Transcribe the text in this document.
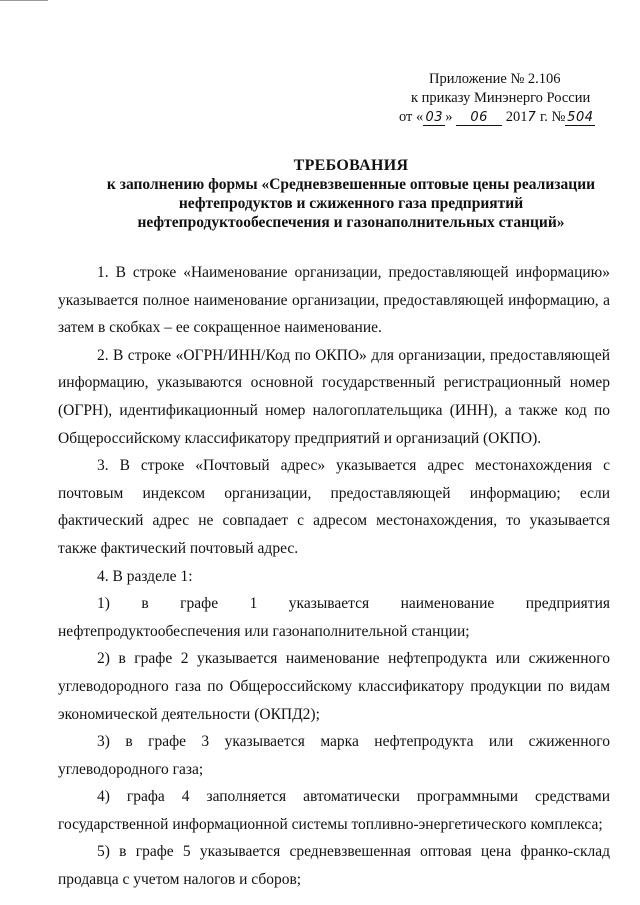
Приложение № 2.106
к приказу Минэнерго России
от « 03 » 06 2017 г. № 504
ТРЕБОВАНИЯ
к заполнению формы «Средневзвешенные оптовые цены реализации
нефтепродуктов и сжиженного газа предприятий
нефтепродуктообеспечения и газонаполнительных станций»

1. В строке «Наименование организации, предоставляющей информацию» указывается полное наименование организации, предоставляющей информацию, а затем в скобках – ее сокращенное наименование.

2. В строке «ОГРН/ИНН/Код по ОКПО» для организации, предоставляющей информацию, указываются основной государственный регистрационный номер (ОГРН), идентификационный номер налогоплательщика (ИНН), а также код по Общероссийскому классификатору предприятий и организаций (ОКПО).

3. В строке «Почтовый адрес» указывается адрес местонахождения с почтовым индексом организации, предоставляющей информацию; если фактический адрес не совпадает с адресом местонахождения, то указывается также фактический почтовый адрес.

4. В разделе 1:

1) в графе 1 указывается наименование предприятия нефтепродуктообеспечения или газонаполнительной станции;

2) в графе 2 указывается наименование нефтепродукта или сжиженного углеводородного газа по Общероссийскому классификатору продукции по видам экономической деятельности (ОКПД2);

3) в графе 3 указывается марка нефтепродукта или сжиженного углеводородного газа;

4) графа 4 заполняется автоматически программными средствами государственной информационной системы топливно-энергетического комплекса;

5) в графе 5 указывается средневзвешенная оптовая цена франко-склад продавца с учетом налогов и сборов;
